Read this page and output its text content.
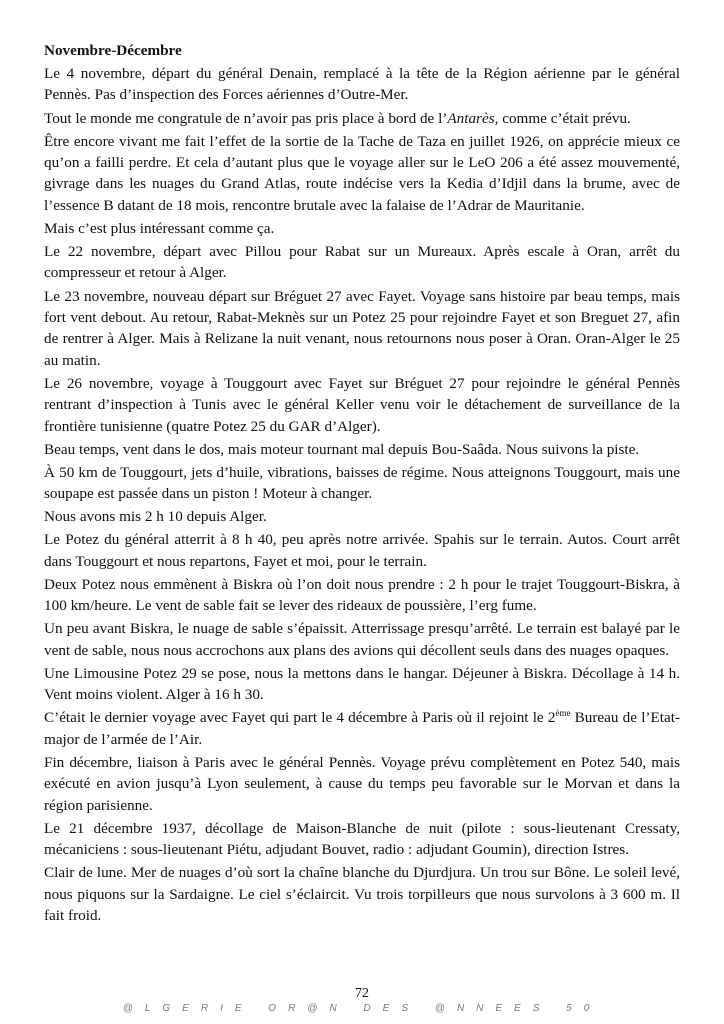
Novembre-Décembre

Le 4 novembre, départ du général Denain, remplacé à la tête de la Région aérienne par le général Pennès. Pas d’inspection des Forces aériennes d’Outre-Mer.

Tout le monde me congratule de n’avoir pas pris place à bord de l’Antarès, comme c’était prévu.

Être encore vivant me fait l’effet de la sortie de la Tache de Taza en juillet 1926, on apprécie mieux ce qu’on a failli perdre. Et cela d’autant plus que le voyage aller sur le LeO 206 a été assez mouvementé, givrage dans les nuages du Grand Atlas, route indécise vers la Kedia d’Idjil dans la brume, avec de l’essence B datant de 18 mois, rencontre brutale avec la falaise de l’Adrar de Mauritanie.

Mais c’est plus intéressant comme ça.

Le 22 novembre, départ avec Pillou pour Rabat sur un Mureaux. Après escale à Oran, arrêt du compresseur et retour à Alger.

Le 23 novembre, nouveau départ sur Bréguet 27 avec Fayet. Voyage sans histoire par beau temps, mais fort vent debout. Au retour, Rabat-Meknès sur un Potez 25 pour rejoindre Fayet et son Breguet 27, afin de rentrer à Alger. Mais à Relizane la nuit venant, nous retournons nous poser à Oran. Oran-Alger le 25 au matin.

Le 26 novembre, voyage à Touggourt avec Fayet sur Bréguet 27 pour rejoindre le général Pennès rentrant d’inspection à Tunis avec le général Keller venu voir le détachement de surveillance de la frontière tunisienne (quatre Potez 25 du GAR d’Alger).

Beau temps, vent dans le dos, mais moteur tournant mal depuis Bou-Saâda. Nous suivons la piste.

À 50 km de Touggourt, jets d’huile, vibrations, baisses de régime. Nous atteignons Touggourt, mais une soupape est passée dans un piston ! Moteur à changer.

Nous avons mis 2 h 10 depuis Alger.

Le Potez du général atterrit à 8 h 40, peu après notre arrivée. Spahis sur le terrain. Autos. Court arrêt dans Touggourt et nous repartons, Fayet et moi, pour le terrain.

Deux Potez nous emmènent à Biskra où l’on doit nous prendre : 2 h pour le trajet Touggourt-Biskra, à 100 km/heure. Le vent de sable fait se lever des rideaux de poussière, l’erg fume.

Un peu avant Biskra, le nuage de sable s’épaissit. Atterrissage presqu’arrêté. Le terrain est balayé par le vent de sable, nous nous accrochons aux plans des avions qui décollent seuls dans des nuages opaques.

Une Limousine Potez 29 se pose, nous la mettons dans le hangar. Déjeuner à Biskra. Décollage à 14 h. Vent moins violent. Alger à 16 h 30.

C’était le dernier voyage avec Fayet qui part le 4 décembre à Paris où il rejoint le 2ème Bureau de l’Etat-major de l’armée de l’Air.

Fin décembre, liaison à Paris avec le général Pennès. Voyage prévu complètement en Potez 540, mais exécuté en avion jusqu’à Lyon seulement, à cause du temps peu favorable sur le Morvan et dans la région parisienne.

Le 21 décembre 1937, décollage de Maison-Blanche de nuit (pilote : sous-lieutenant Cressaty, mécaniciens : sous-lieutenant Piétu, adjudant Bouvet, radio : adjudant Goumin), direction Istres.

Clair de lune. Mer de nuages d’où sort la chaîne blanche du Djurdjura. Un trou sur Bône. Le soleil levé, nous piquons sur la Sardaigne. Le ciel s’éclaircit. Vu trois torpilleurs que nous survolons à 3 600 m. Il fait froid.

72
@LGERIE OR@N DES @NNEES 50
